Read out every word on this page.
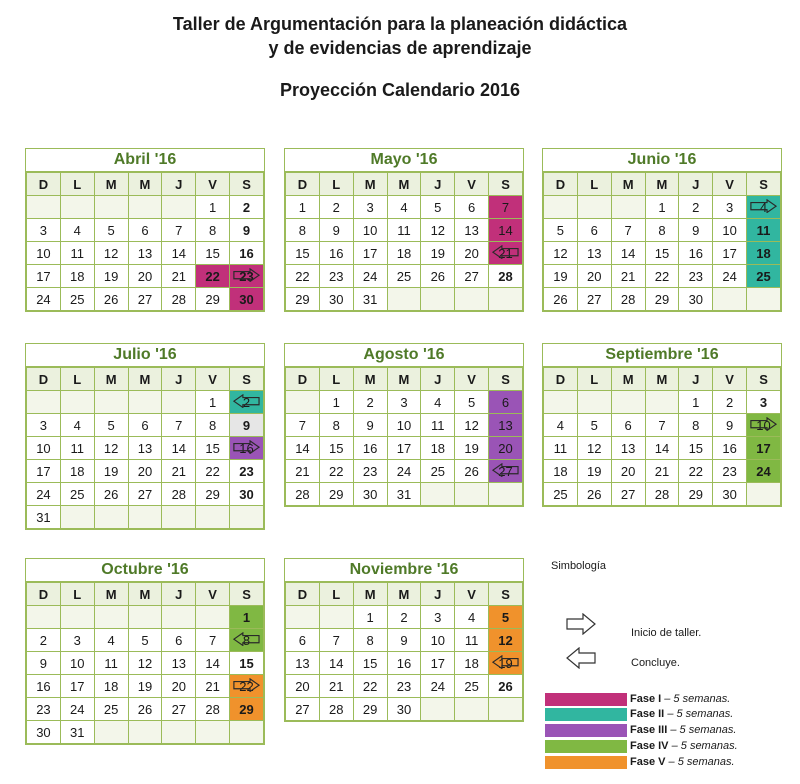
Taller de Argumentación para la planeación didáctica
y de evidencias de aprendizaje
Proyección Calendario 2016
Abril '16
D	L	M	M	J	V	S
					1	2
3	4	5	6	7	8	9
10	11	12	13	14	15	16
17	18	19	20	21	22	23

24	25	26	27	28	29	30
Mayo '16
D	L	M	M	J	V	S
1	2	3	4	5	6	7
8	9	10	11	12	13	14
15	16	17	18	19	20	21

22	23	24	25	26	27	28
29	30	31				
Junio '16
D	L	M	M	J	V	S
			1	2	3	4

5	6	7	8	9	10	11
12	13	14	15	16	17	18
19	20	21	22	23	24	25
26	27	28	29	30		
Julio '16
D	L	M	M	J	V	S
					1	2

3	4	5	6	7	8	9
10	11	12	13	14	15	16

17	18	19	20	21	22	23
24	25	26	27	28	29	30
31						
Agosto '16
D	L	M	M	J	V	S
	1	2	3	4	5	6
7	8	9	10	11	12	13
14	15	16	17	18	19	20
21	22	23	24	25	26	27

28	29	30	31			
Septiembre '16
D	L	M	M	J	V	S
				1	2	3
4	5	6	7	8	9	10

11	12	13	14	15	16	17
18	19	20	21	22	23	24
25	26	27	28	29	30	
Octubre '16
D	L	M	M	J	V	S
						1
2	3	4	5	6	7	8

9	10	11	12	13	14	15
16	17	18	19	20	21	22

23	24	25	26	27	28	29
30	31					
Noviembre '16
D	L	M	M	J	V	S
		1	2	3	4	5
6	7	8	9	10	11	12
13	14	15	16	17	18	19

20	21	22	23	24	25	26
27	28	29	30			
Simbología
Inicio de taller.
Concluye.
Fase I – 5 semanas.
Fase II – 5 semanas.
Fase III – 5 semanas.
Fase IV – 5 semanas.
Fase V – 5 semanas.
